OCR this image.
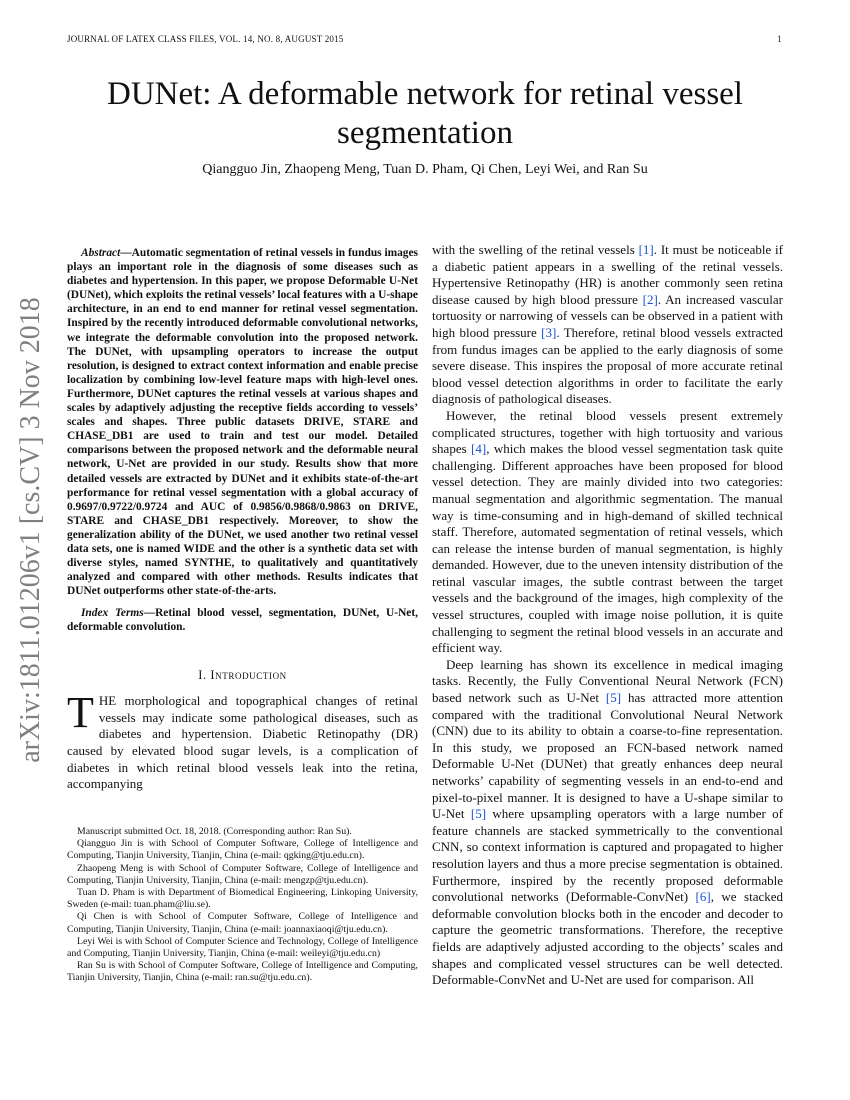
JOURNAL OF LATEX CLASS FILES, VOL. 14, NO. 8, AUGUST 2015	1
arXiv:1811.01206v1 [cs.CV] 3 Nov 2018
DUNet: A deformable network for retinal vessel segmentation
Qiangguo Jin, Zhaopeng Meng, Tuan D. Pham, Qi Chen, Leyi Wei, and Ran Su

Abstract—Automatic segmentation of retinal vessels in fundus images plays an important role in the diagnosis of some diseases such as diabetes and hypertension. In this paper, we propose Deformable U-Net (DUNet), which exploits the retinal vessels’ local features with a U-shape architecture, in an end to end manner for retinal vessel segmentation. Inspired by the recently introduced deformable convolutional networks, we integrate the deformable convolution into the proposed network. The DUNet, with upsampling operators to increase the output resolution, is designed to extract context information and enable precise localization by combining low-level feature maps with high-level ones. Furthermore, DUNet captures the retinal vessels at various shapes and scales by adaptively adjusting the receptive fields according to vessels’ scales and shapes. Three public datasets DRIVE, STARE and CHASE_DB1 are used to train and test our model. Detailed comparisons between the proposed network and the deformable neural network, U-Net are provided in our study. Results show that more detailed vessels are extracted by DUNet and it exhibits state-of-the-art performance for retinal vessel segmentation with a global accuracy of 0.9697/0.9722/0.9724 and AUC of 0.9856/0.9868/0.9863 on DRIVE, STARE and CHASE_DB1 respectively. Moreover, to show the generalization ability of the DUNet, we used another two retinal vessel data sets, one is named WIDE and the other is a synthetic data set with diverse styles, named SYNTHE, to qualitatively and quantitatively analyzed and compared with other methods. Results indicates that DUNet outperforms other state-of-the-arts.

Index Terms—Retinal blood vessel, segmentation, DUNet, U-Net, deformable convolution.

I. Introduction

THE morphological and topographical changes of retinal vessels may indicate some pathological diseases, such as diabetes and hypertension. Diabetic Retinopathy (DR) caused by elevated blood sugar levels, is a complication of diabetes in which retinal blood vessels leak into the retina, accompanying

Manuscript submitted Oct. 18, 2018. (Corresponding author: Ran Su).

Qiangguo Jin is with School of Computer Software, College of Intelligence and Computing, Tianjin University, Tianjin, China (e-mail: qgking@tju.edu.cn).

Zhaopeng Meng is with School of Computer Software, College of Intelligence and Computing, Tianjin University, Tianjin, China (e-mail: mengzp@tju.edu.cn).

Tuan D. Pham is with Department of Biomedical Engineering, Linkoping University, Sweden (e-mail: tuan.pham@liu.se).

Qi Chen is with School of Computer Software, College of Intelligence and Computing, Tianjin University, Tianjin, China (e-mail: joannaxiaoqi@tju.edu.cn).

Leyi Wei is with School of Computer Science and Technology, College of Intelligence and Computing, Tianjin University, Tianjin, China (e-mail: weileyi@tju.edu.cn)

Ran Su is with School of Computer Software, College of Intelligence and Computing, Tianjin University, Tianjin, China (e-mail: ran.su@tju.edu.cn).

with the swelling of the retinal vessels [1]. It must be noticeable if a diabetic patient appears in a swelling of the retinal vessels. Hypertensive Retinopathy (HR) is another commonly seen retina disease caused by high blood pressure [2]. An increased vascular tortuosity or narrowing of vessels can be observed in a patient with high blood pressure [3]. Therefore, retinal blood vessels extracted from fundus images can be applied to the early diagnosis of some severe disease. This inspires the proposal of more accurate retinal blood vessel detection algorithms in order to facilitate the early diagnosis of pathological diseases.

However, the retinal blood vessels present extremely complicated structures, together with high tortuosity and various shapes [4], which makes the blood vessel segmentation task quite challenging. Different approaches have been proposed for blood vessel detection. They are mainly divided into two categories: manual segmentation and algorithmic segmentation. The manual way is time-consuming and in high-demand of skilled technical staff. Therefore, automated segmentation of retinal vessels, which can release the intense burden of manual segmentation, is highly demanded. However, due to the uneven intensity distribution of the retinal vascular images, the subtle contrast between the target vessels and the background of the images, high complexity of the vessel structures, coupled with image noise pollution, it is quite challenging to segment the retinal blood vessels in an accurate and efficient way.

Deep learning has shown its excellence in medical imaging tasks. Recently, the Fully Conventional Neural Network (FCN) based network such as U-Net [5] has attracted more attention compared with the traditional Convolutional Neural Network (CNN) due to its ability to obtain a coarse-to-fine representation. In this study, we proposed an FCN-based network named Deformable U-Net (DUNet) that greatly enhances deep neural networks’ capability of segmenting vessels in an end-to-end and pixel-to-pixel manner. It is designed to have a U-shape similar to U-Net [5] where upsampling operators with a large number of feature channels are stacked symmetrically to the conventional CNN, so context information is captured and propagated to higher resolution layers and thus a more precise segmentation is obtained. Furthermore, inspired by the recently proposed deformable convolutional networks (Deformable-ConvNet) [6], we stacked deformable convolution blocks both in the encoder and decoder to capture the geometric transformations. Therefore, the receptive fields are adaptively adjusted according to the objects’ scales and shapes and complicated vessel structures can be well detected. Deformable-ConvNet and U-Net are used for comparison. All
